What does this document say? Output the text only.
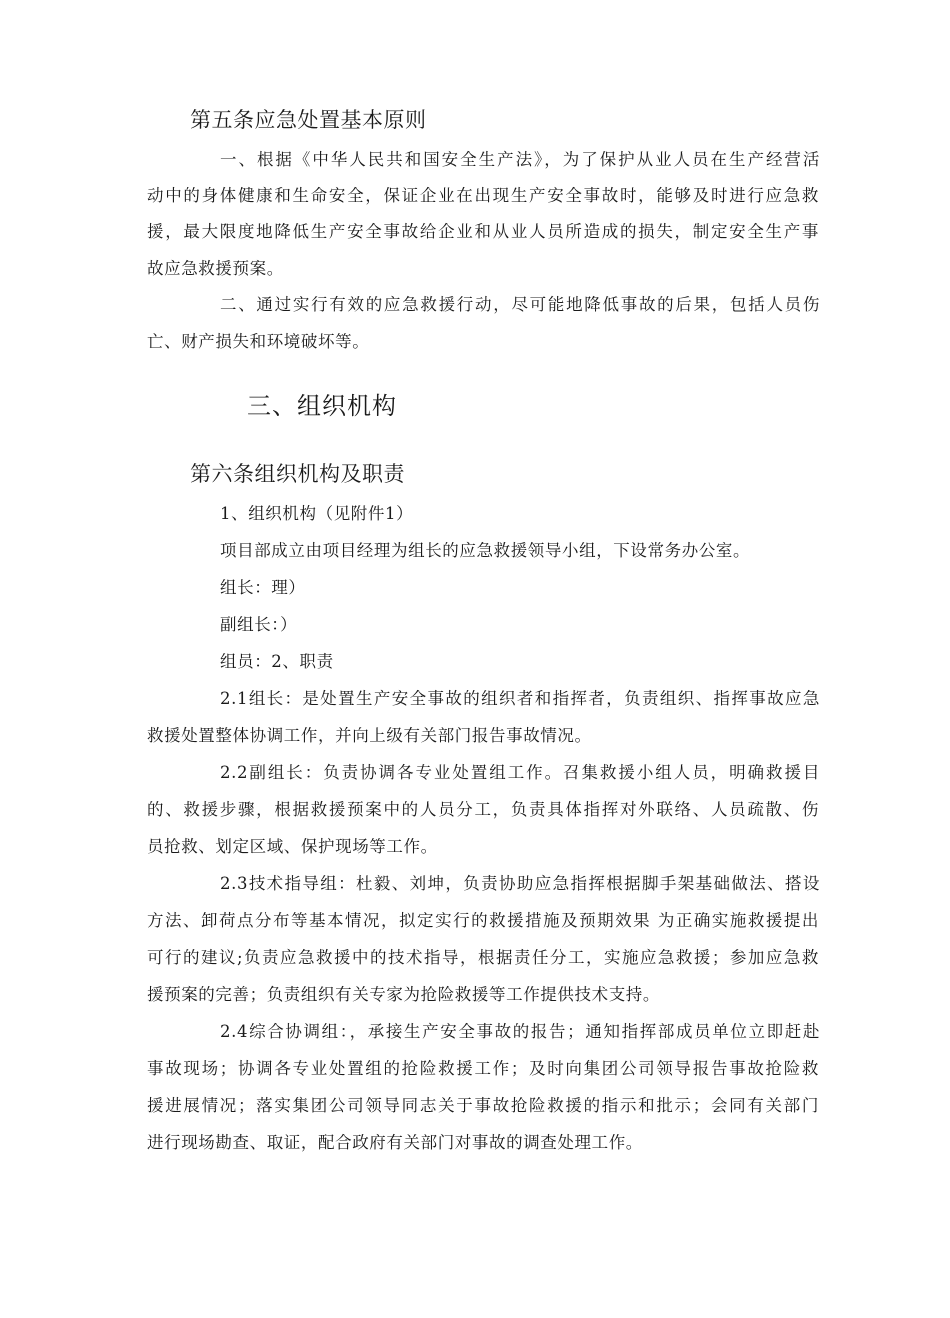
第五条应急处置基本原则
一、根据《中华人民共和国安全生产法》，为了保护从业人员在生产经营活
动中的身体健康和生命安全，保证企业在出现生产安全事故时，能够及时进行应急救
援，最大限度地降低生产安全事故给企业和从业人员所造成的损失，制定安全生产事
故应急救援预案。
二、通过实行有效的应急救援行动，尽可能地降低事故的后果，包括人员伤
亡、财产损失和环境破坏等。
三、组织机构
第六条组织机构及职责
1、组织机构（见附件1）
项目部成立由项目经理为组长的应急救援领导小组，下设常务办公室。
组长：理）
副组长：）
组员：2、职责
2.1组长：是处置生产安全事故的组织者和指挥者，负责组织、指挥事故应急
救援处置整体协调工作，并向上级有关部门报告事故情况。
2.2副组长：负责协调各专业处置组工作。召集救援小组人员，明确救援目
的、救援步骤，根据救援预案中的人员分工，负责具体指挥对外联络、人员疏散、伤
员抢救、划定区域、保护现场等工作。
2.3技术指导组：杜毅、刘坤，负责协助应急指挥根据脚手架基础做法、搭设
方法、卸荷点分布等基本情况，拟定实行的救援措施及预期效果 为正确实施救援提出
可行的建议;负责应急救援中的技术指导，根据责任分工，实施应急救援；参加应急救
援预案的完善；负责组织有关专家为抢险救援等工作提供技术支持。
2.4综合协调组：，承接生产安全事故的报告；通知指挥部成员单位立即赶赴
事故现场；协调各专业处置组的抢险救援工作；及时向集团公司领导报告事故抢险救
援进展情况；落实集团公司领导同志关于事故抢险救援的指示和批示；会同有关部门
进行现场勘查、取证，配合政府有关部门对事故的调查处理工作。
